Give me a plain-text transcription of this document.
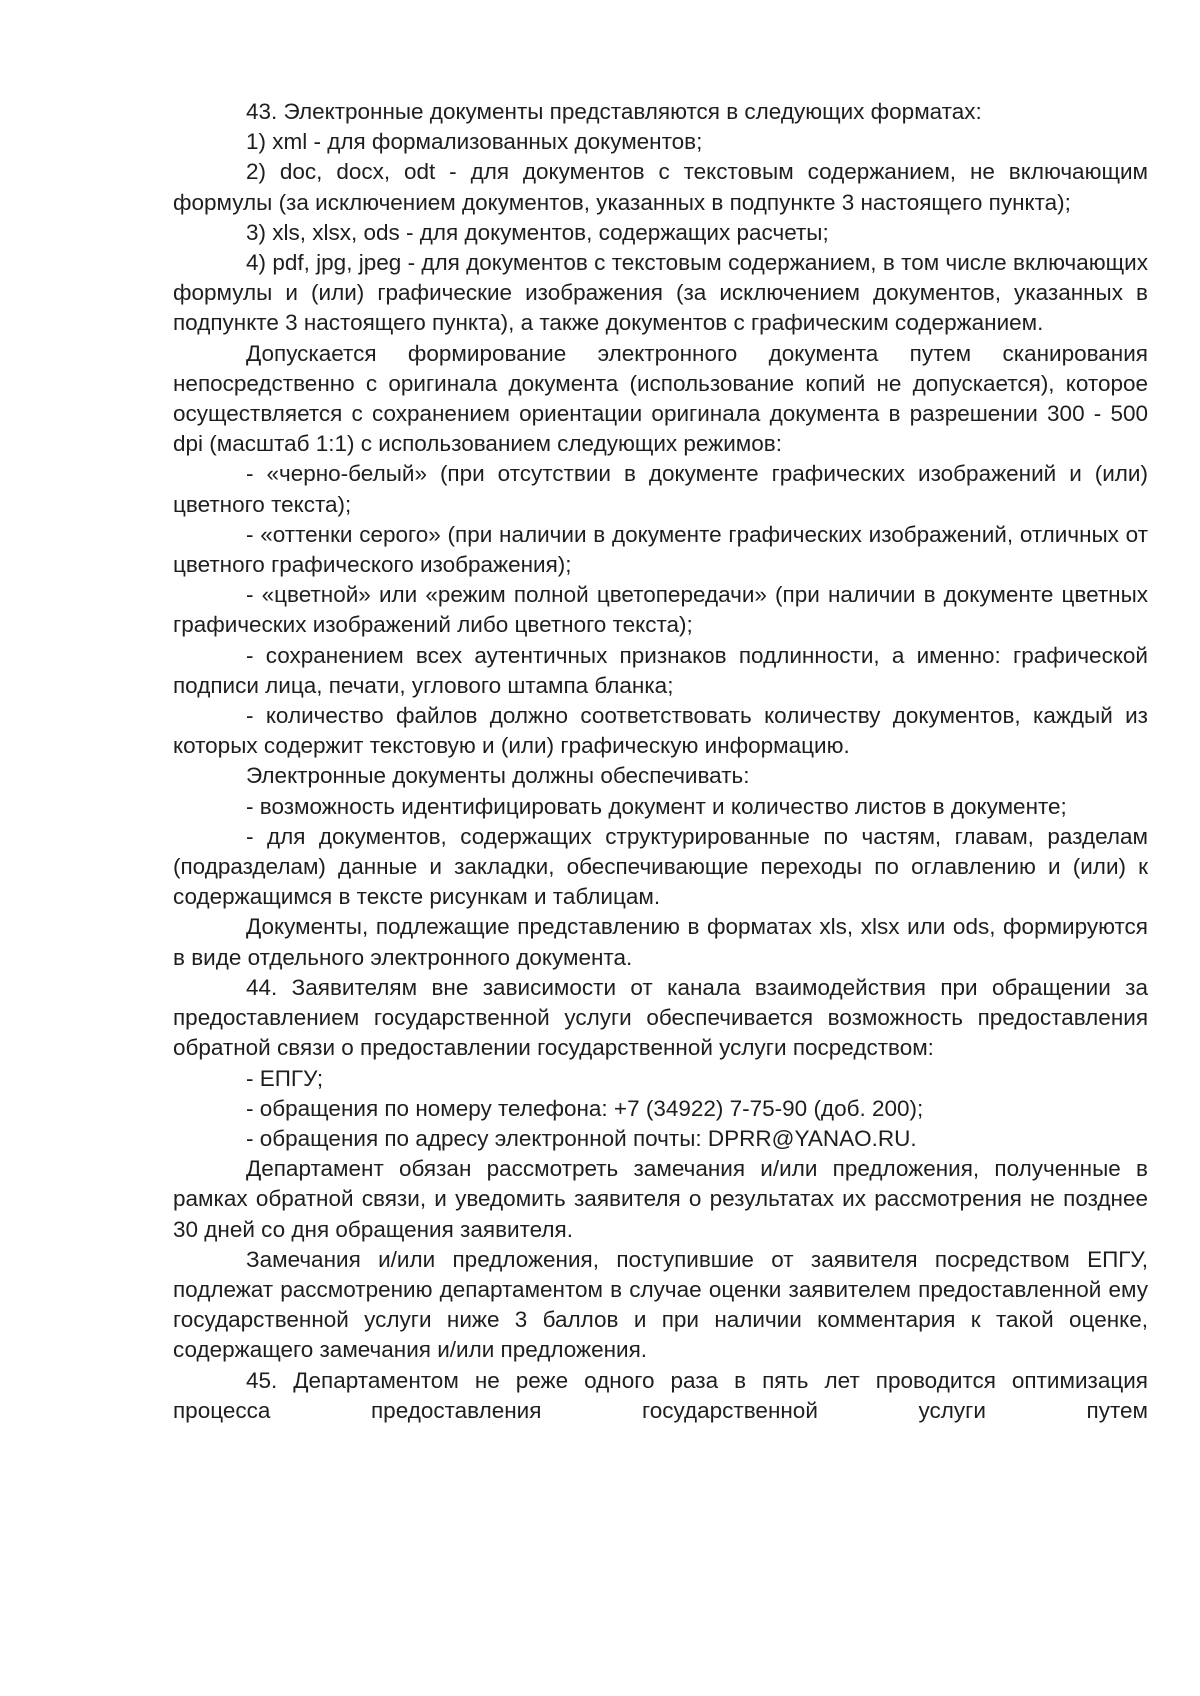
43. Электронные документы представляются в следующих форматах:

1) xml - для формализованных документов;

2) doc, docx, odt - для документов с текстовым содержанием, не включающим формулы (за исключением документов, указанных в подпункте 3 настоящего пункта);

3) xls, xlsx, ods - для документов, содержащих расчеты;

4) pdf, jpg, jpeg - для документов с текстовым содержанием, в том числе включающих формулы и (или) графические изображения (за исключением документов, указанных в подпункте 3 настоящего пункта), а также документов с графическим содержанием.

Допускается формирование электронного документа путем сканирования непосредственно с оригинала документа (использование копий не допускается), которое осуществляется с сохранением ориентации оригинала документа в разрешении 300 - 500 dpi (масштаб 1:1) с использованием следующих режимов:

- «черно-белый» (при отсутствии в документе графических изображений и (или) цветного текста);

- «оттенки серого» (при наличии в документе графических изображений, отличных от цветного графического изображения);

- «цветной» или «режим полной цветопередачи» (при наличии в документе цветных графических изображений либо цветного текста);

- сохранением всех аутентичных признаков подлинности, а именно: графической подписи лица, печати, углового штампа бланка;

- количество файлов должно соответствовать количеству документов, каждый из которых содержит текстовую и (или) графическую информацию.

Электронные документы должны обеспечивать:

- возможность идентифицировать документ и количество листов в документе;

- для документов, содержащих структурированные по частям, главам, разделам (подразделам) данные и закладки, обеспечивающие переходы по оглавлению и (или) к содержащимся в тексте рисункам и таблицам.

Документы, подлежащие представлению в форматах xls, xlsx или ods, формируются в виде отдельного электронного документа.

44. Заявителям вне зависимости от канала взаимодействия при обращении за предоставлением государственной услуги обеспечивается возможность предоставления обратной связи о предоставлении государственной услуги посредством:

- ЕПГУ;

- обращения по номеру телефона: +7 (34922) 7-75-90 (доб. 200);

- обращения по адресу электронной почты: DPRR@YANAO.RU.

Департамент обязан рассмотреть замечания и/или предложения, полученные в рамках обратной связи, и уведомить заявителя о результатах их рассмотрения не позднее 30 дней со дня обращения заявителя.

Замечания и/или предложения, поступившие от заявителя посредством ЕПГУ, подлежат рассмотрению департаментом в случае оценки заявителем предоставленной ему государственной услуги ниже 3 баллов и при наличии комментария к такой оценке, содержащего замечания и/или предложения.

45. Департаментом не реже одного раза в пять лет проводится оптимизация процесса предоставления государственной услуги путем
